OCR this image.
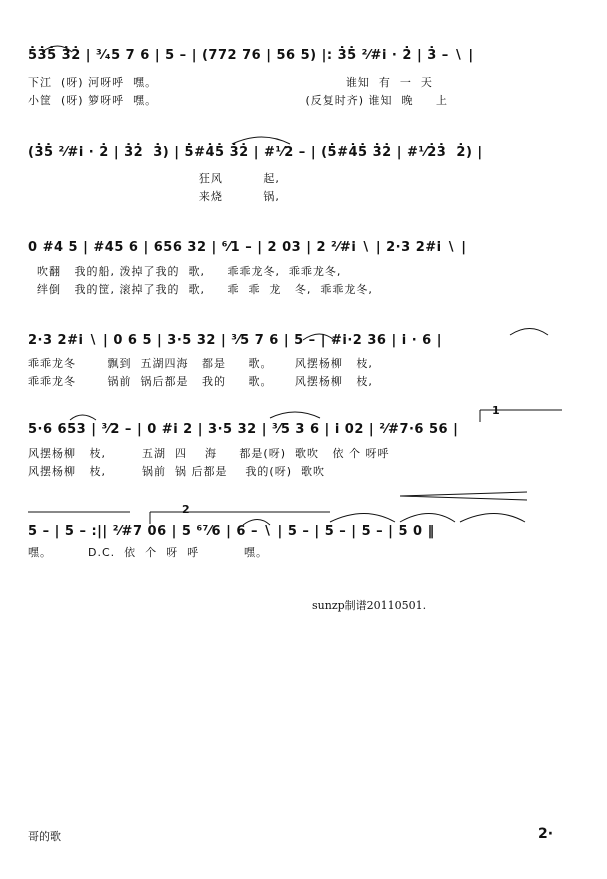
5̇3̇5̇ 3̇2̇ | ³⁄₄5 7 6 | 5 – | (772 76 | 56 5) |: 3̇5̇ ²⁄#i · 2̇ | 3̇ – ∖ |
下江  (呀) 河呀呼  嘿。                                          谁知  有  一  天
小筐  (呀) 箩呀呼  嘿。                                 (反复时齐) 谁知  晚     上
(3̇5̇ ²⁄#i · 2̇ | 3̇2̇  3̇) | 5̇#4̇5̇ 3̇2̇ | #¹⁄2 – | (5̇#4̇5̇ 3̇2̇ | #¹⁄2̇3̇  2̇) |
狂风         起,
来烧         锅,
0 #4 5 | #45 6 | 656 32 | ⁶⁄1 – | 2 03 | 2 ²⁄#i ∖ | 2·3 2#i ∖ |
吹翻   我的船, 泼掉了我的  歌,     乖乖龙冬,  乖乖龙冬,
绊倒   我的筐, 滚掉了我的  歌,     乖  乖  龙   冬,  乖乖龙冬,
2·3 2#i ∖ | 0 6 5 | 3·5 32 | ³⁄5 7 6 | 5 – | #i·2 36 | i · 6 |
乖乖龙冬       飘到  五湖四海   都是     歌。     风摆杨柳   枝,
乖乖龙冬       锅前  锅后都是   我的     歌。     风摆杨柳   枝,
1
5·6 653 | ³⁄2 – | 0 #i 2 | 3·5 32 | ³⁄5 3 6 | i 02 | ²⁄#7·6 56 |
风摆杨柳   枝,        五湖  四    海     都是(呀)  歌吹   依 个 呀呼
风摆杨柳   枝,        锅前  锅 后都是    我的(呀)  歌吹
2
5 – | 5 – :|| ²⁄#7 06 | 5 ⁶⁷⁄6 | 6 – ∖ | 5 – | 5 – | 5 – | 5 0 ‖
嘿。        D.C.  依  个  呀  呼          嘿。
sunzp制谱20110501.
哥的歌	2·
